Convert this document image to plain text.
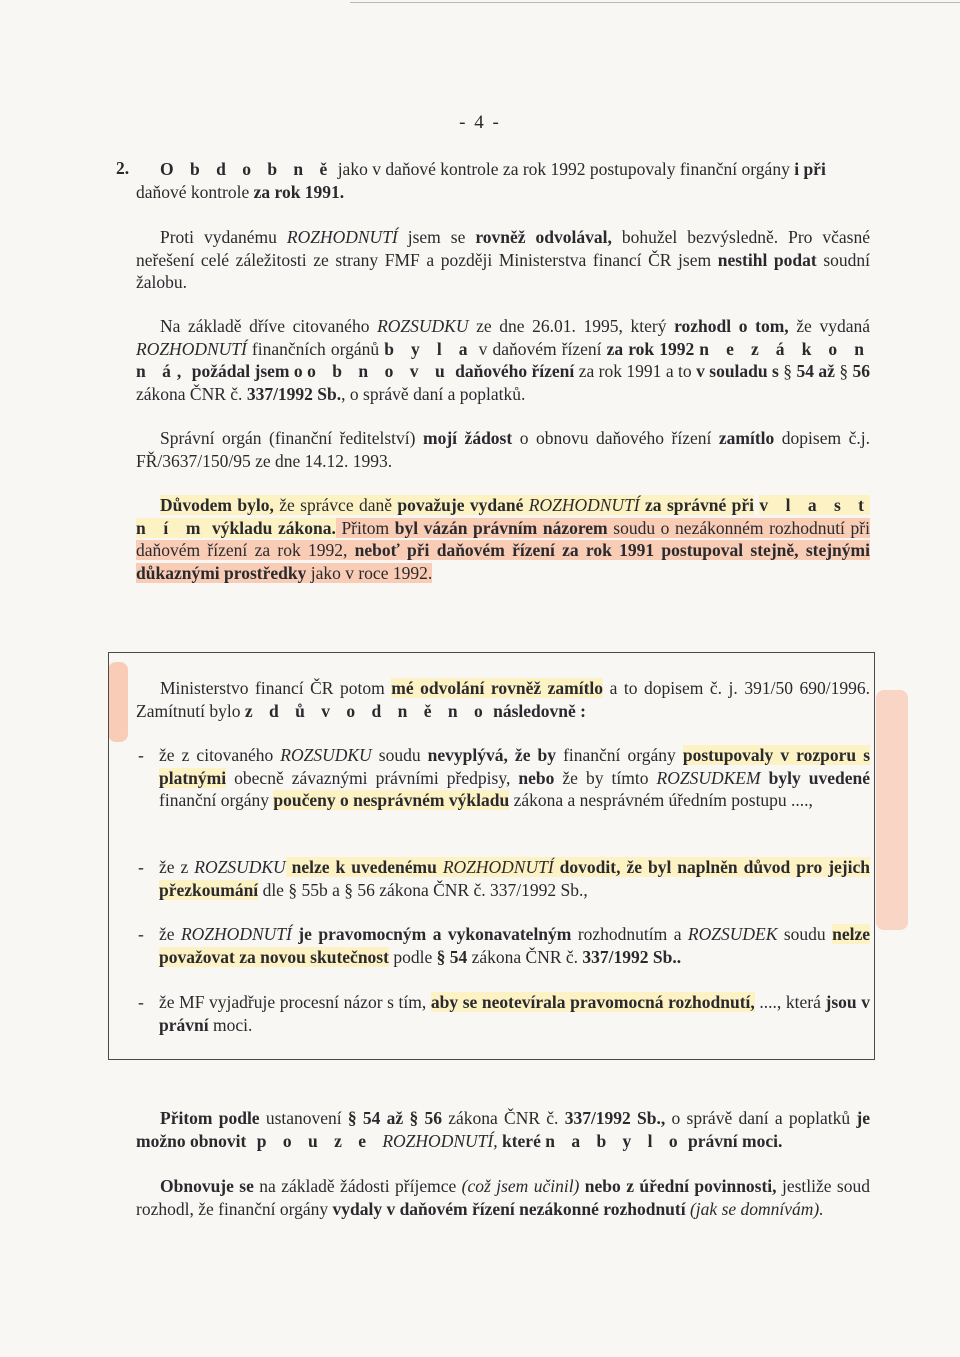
- 4 -
2.	O b d o b n ě jako v daňové kontrole za rok 1992 postupovaly finanční orgány i při
daňové kontrole za rok 1991.

Proti vydanému ROZHODNUTÍ jsem se rovněž odvolával, bohužel bezvýsledně. Pro včasné neřešení celé záležitosti ze strany FMF a později Ministerstva financí ČR jsem nestihl podat soudní žalobu.

Na základě dříve citovaného ROZSUDKU ze dne 26.01. 1995, který rozhodl o tom, že vydaná ROZHODNUTÍ finančních orgánů b y l a v daňovém řízení za rok 1992 n e z á k o n n á, požádal jsem o o b n o v u daňového řízení za rok 1991 a to v souladu s § 54 až § 56 zákona ČNR č. 337/1992 Sb., o správě daní a poplatků.

Správní orgán (finanční ředitelství) mojí žádost o obnovu daňového řízení zamítlo dopisem č.j. FŘ/3637/150/95 ze dne 14.12. 1993.

Důvodem bylo, že správce daně považuje vydané ROZHODNUTÍ za správné při v l a s t n í m výkladu zákona. Přitom byl vázán právním názorem soudu o nezákonném rozhodnutí při daňovém řízení za rok 1992, neboť při daňovém řízení za rok 1991 postupoval stejně, stejnými důkaznými prostředky jako v roce 1992.

Ministerstvo financí ČR potom mé odvolání rovněž zamítlo a to dopisem č. j. 391/50 690/1996. Zamítnutí bylo z d ů v o d n ě n o následovně :

- že z citovaného ROZSUDKU soudu nevyplývá, že by finanční orgány postupovaly v rozporu s platnými obecně závaznými právními předpisy, nebo že by tímto ROZSUDKEM byly uvedené finanční orgány poučeny o nesprávném výkladu zákona a nesprávném úředním postupu ....,
- že z ROZSUDKU nelze k uvedenému ROZHODNUTÍ dovodit, že byl naplněn důvod pro jejich přezkoumání dle § 55b a § 56 zákona ČNR č. 337/1992 Sb.,
- že ROZHODNUTÍ je pravomocným a vykonavatelným rozhodnutím a ROZSUDEK soudu nelze považovat za novou skutečnost podle § 54 zákona ČNR č. 337/1992 Sb..
- že MF vyjadřuje procesní názor s tím, aby se neotevírala pravomocná rozhodnutí, ...., která jsou v právní moci.

Přitom podle ustanovení § 54 až § 56 zákona ČNR č. 337/1992 Sb., o správě daní a poplatků je možno obnovit p o u z e ROZHODNUTÍ, které n a b y l o právní moci.

Obnovuje se na základě žádosti příjemce (což jsem učinil) nebo z úřední povinnosti, jestliže soud rozhodl, že finanční orgány vydaly v daňovém řízení nezákonné rozhodnutí (jak se domnívám).
